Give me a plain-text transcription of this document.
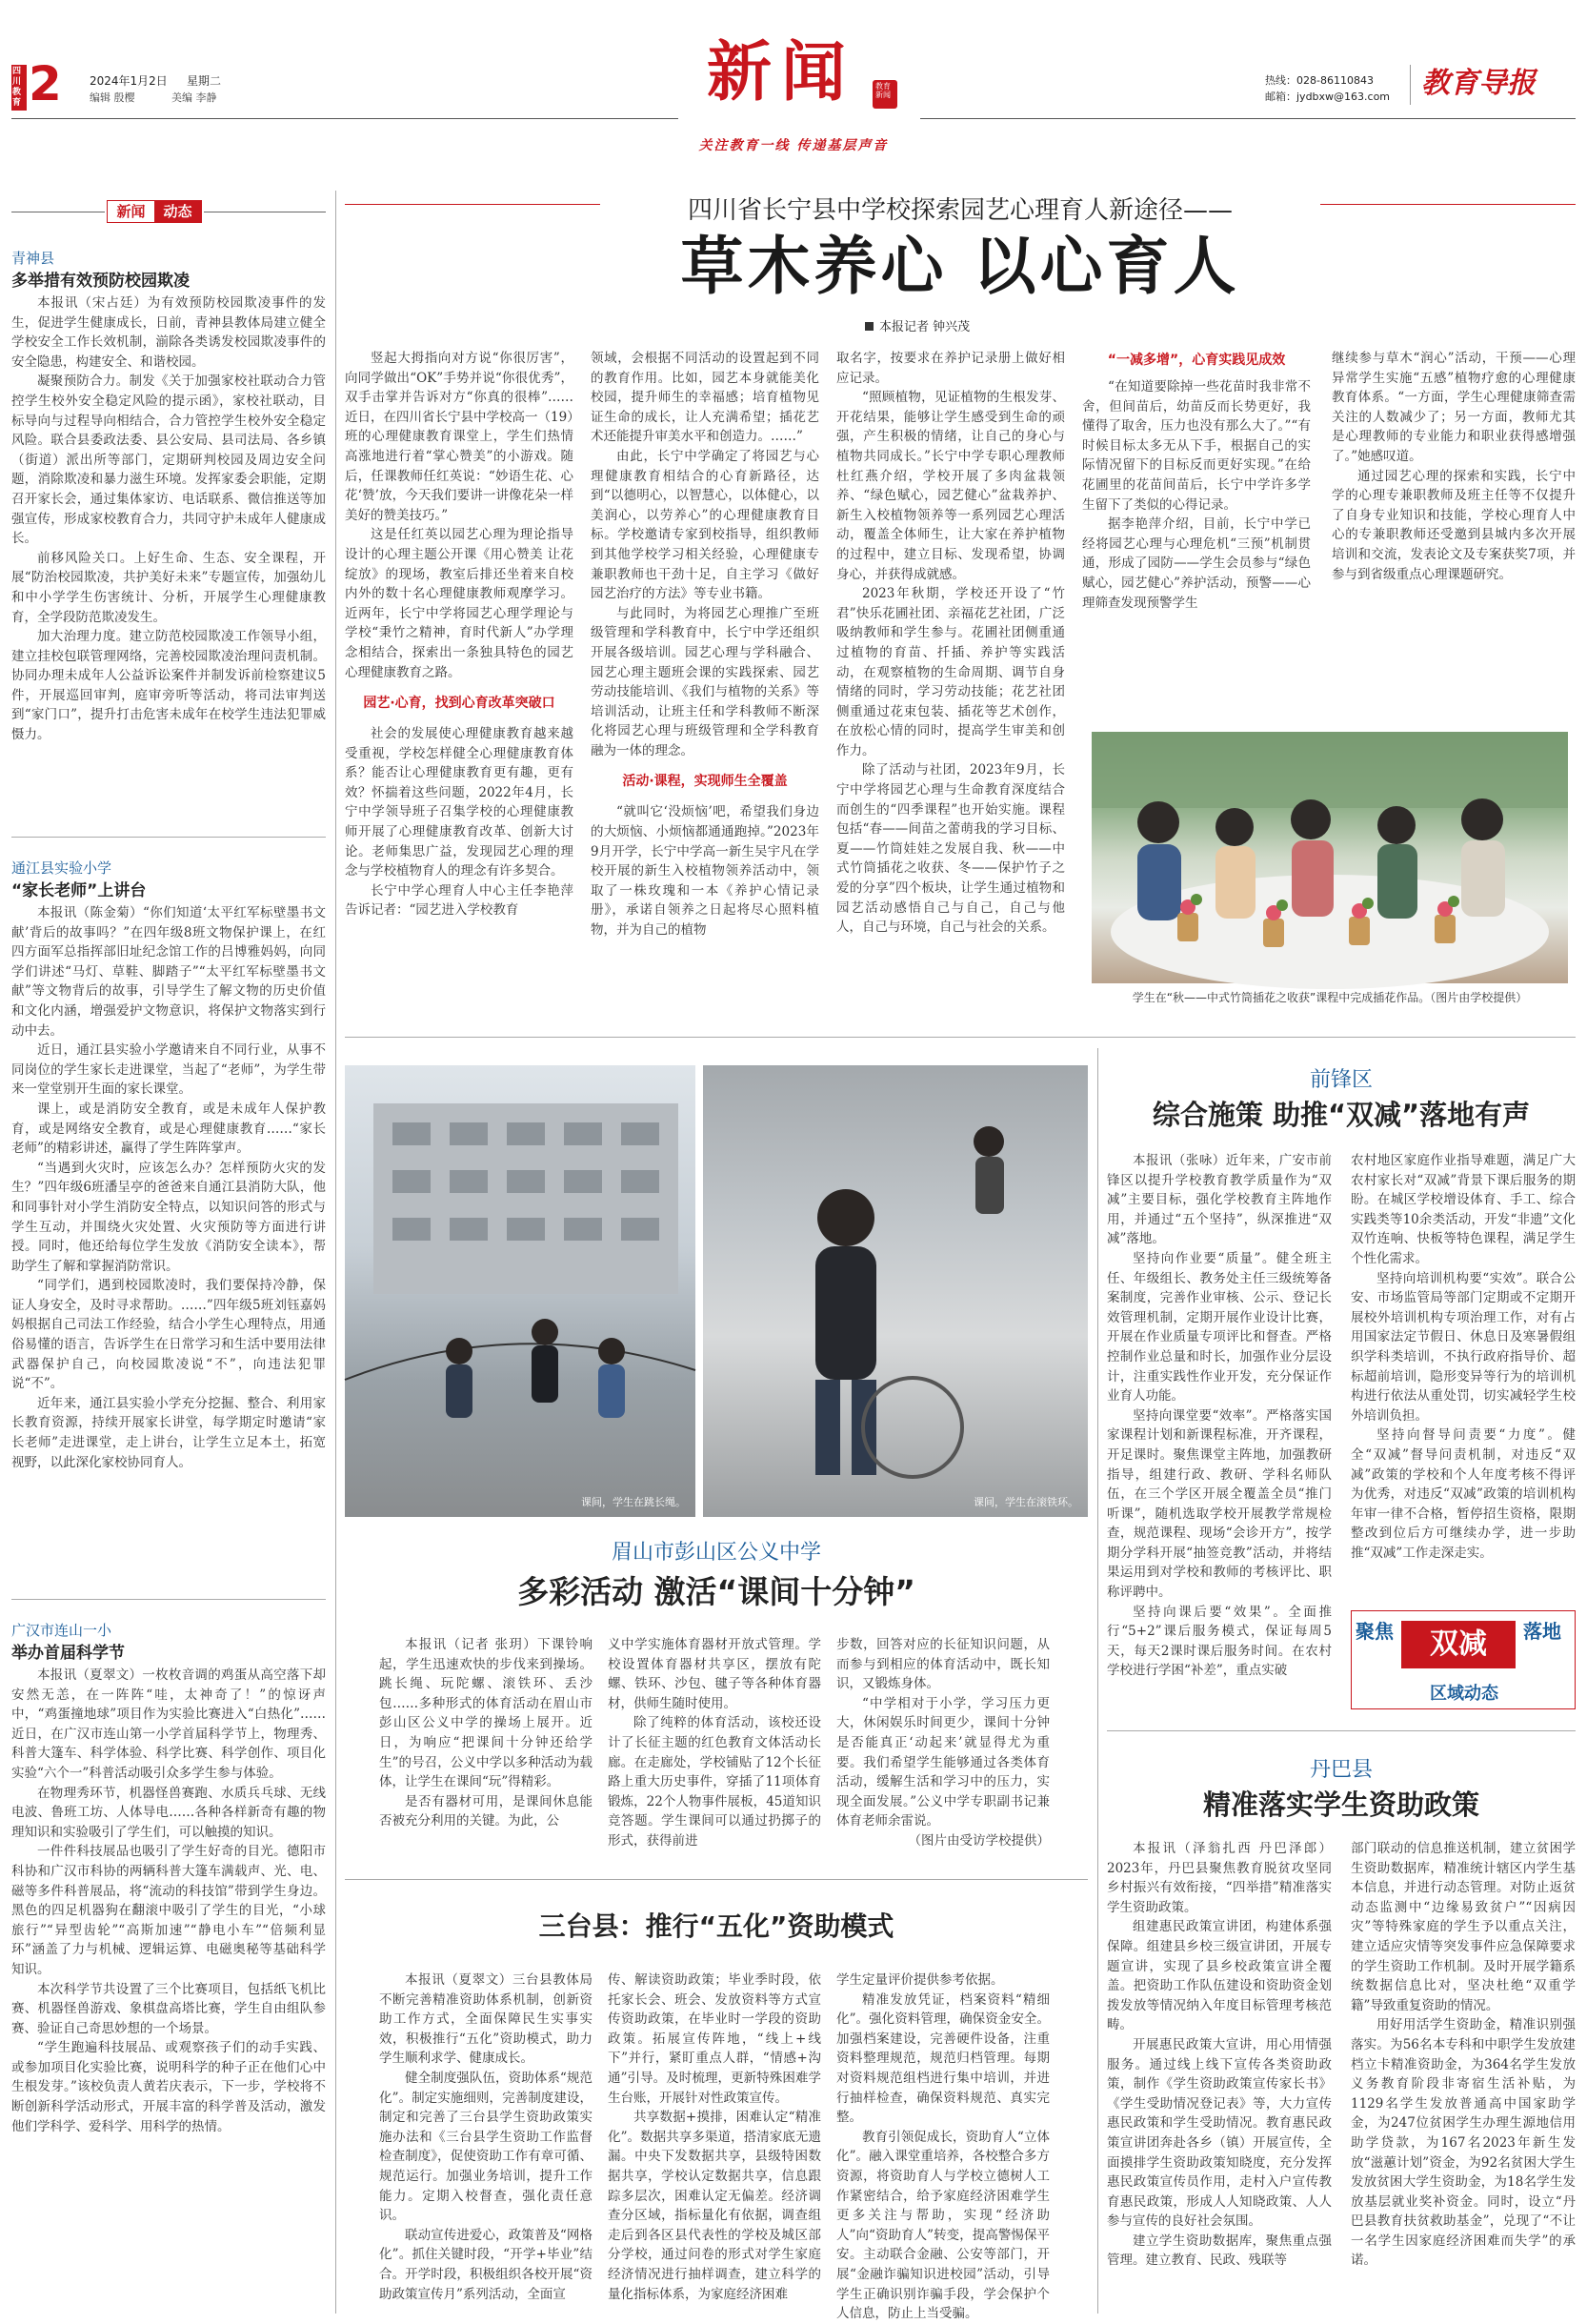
四川教育 2 2024年1月2日 星期二
编辑 殷樱	美编 李静	新闻	教育新闻
关注教育一线 传递基层声音
热线：028-86110843
邮箱：jydbxw@163.com 教育导报
新闻	动态
青神县
多举措有效预防校园欺凌
本报讯（宋占廷）为有效预防校园欺凌事件的发生，促进学生健康成长，日前，青神县教体局建立健全学校安全工作长效机制，湔除各类诱发校园欺凌事件的安全隐患，构建安全、和谐校园。
凝聚预防合力。制发《关于加强家校社联动合力管控学生校外安全稳定风险的提示函》，家校社联动，目标导向与过程导向相结合，合力管控学生校外安全稳定风险。联合县委政法委、县公安局、县司法局、各乡镇（街道）派出所等部门，定期研判校园及周边安全问题，消除欺凌和暴力滋生环境。发挥家委会职能，定期召开家长会，通过集体家访、电话联系、微信推送等加强宣传，形成家校教育合力，共同守护未成年人健康成长。
前移风险关口。上好生命、生态、安全课程，开展“防治校园欺凌，共护美好未来”专题宣传，加强幼儿和中小学学生伤害统计、分析，开展学生心理健康教育，全学段防范欺凌发生。
加大治理力度。建立防范校园欺凌工作领导小组，建立挂校包联管理网络，完善校园欺凌治理问责机制。协同办理未成年人公益诉讼案件并制发诉前检察建议5件，开展巡回审判，庭审旁听等活动，将司法审判送到“家门口”，提升打击危害未成年在校学生违法犯罪威慑力。
通江县实验小学
“家长老师”上讲台
本报讯（陈金菊）“你们知道‘太平红军标壁墨书文献’背后的故事吗？”在四年级8班文物保护课上，在红四方面军总指挥部旧址纪念馆工作的吕博雅妈妈，向同学们讲述“马灯、草鞋、脚踏子”“太平红军标壁墨书文献”等文物背后的故事，引导学生了解文物的历史价值和文化内涵，增强爱护文物意识，将保护文物落实到行动中去。
近日，通江县实验小学邀请来自不同行业，从事不同岗位的学生家长走进课堂，当起了“老师”，为学生带来一堂堂别开生面的家长课堂。
课上，或是消防安全教育，或是未成年人保护教育，或是网络安全教育，或是心理健康教育……“家长老师”的精彩讲述，赢得了学生阵阵掌声。
“当遇到火灾时，应该怎么办？怎样预防火灾的发生？”四年级6班潘呈亭的爸爸来自通江县消防大队，他和同事针对小学生消防安全特点，以知识问答的形式与学生互动，并围绕火灾处置、火灾预防等方面进行讲授。同时，他还给每位学生发放《消防安全读本》，帮助学生了解和掌握消防常识。
“同学们，遇到校园欺凌时，我们要保持冷静，保证人身安全，及时寻求帮助。……”四年级5班刘钰嘉妈妈根据自己司法工作经验，结合小学生心理特点，用通俗易懂的语言，告诉学生在日常学习和生活中要用法律武器保护自己，向校园欺凌说“不”，向违法犯罪说“不”。
近年来，通江县实验小学充分挖掘、整合、利用家长教育资源，持续开展家长讲堂，每学期定时邀请“家长老师”走进课堂，走上讲台，让学生立足本土，拓宽视野，以此深化家校协同育人。
广汉市连山一小
举办首届科学节
本报讯（夏翠文）一枚枚音调的鸡蛋从高空落下却安然无恙，在一阵阵“哇，太神奇了！”的惊讶声中，“鸡蛋撞地球”项目作为实验比赛进入“白热化”……近日，在广汉市连山第一小学首届科学节上，物理秀、科普大篷车、科学体验、科学比赛、科学创作、项目化实验“六个一”科普活动吸引众多学生参与体验。
在物理秀环节，机器怪兽赛跑、水质兵乓球、无线电波、鲁班工坊、人体导电……各种各样新奇有趣的物理知识和实验吸引了学生们，可以触摸的知识。
一件件科技展品也吸引了学生好奇的目光。德阳市科协和广汉市科协的两辆科普大篷车满载声、光、电、磁等多件科普展品，将“流动的科技馆”带到学生身边。黑色的四足机器狗在翻滚中吸引了学生的目光，“小球旅行”“异型齿轮”“高斯加速”“静电小车”“倍频利显环”涵盖了力与机械、逻辑运算、电磁奥秘等基础科学知识。
本次科学节共设置了三个比赛项目，包括纸飞机比赛、机器怪兽游戏、象棋盘高塔比赛，学生自由组队参赛、验证自己奇思妙想的一个场景。
“学生跑遍科技展品、或观察孩子们的动手实践、或参加项目化实验比赛，说明科学的种子正在他们心中生根发芽。”该校负责人黄若庆表示，下一步，学校将不断创新科学活动形式，开展丰富的科学普及活动，激发他们学科学、爱科学、用科学的热情。
四川省长宁县中学校探索园艺心理育人新途径——
草木养心 以心育人
本报记者 钟兴茂
竖起大拇指向对方说“你很厉害”，向同学做出“OK”手势并说“你很优秀”，双手击掌并告诉对方“你真的很棒”……近日，在四川省长宁县中学校高一（19）班的心理健康教育课堂上，学生们热情高涨地进行着“掌心赞美”的小游戏。随后，任课教师任红英说：“妙语生花、心花‘赞’放，今天我们要讲一讲像花朵一样美好的赞美技巧。”
这是任红英以园艺心理为理论指导设计的心理主题公开课《用心赞美 让花绽放》的现场，教室后排还坐着来自校内外的数十名心理健康教师观摩学习。近两年，长宁中学将园艺心理学理论与学校“秉竹之精神，育时代新人”办学理念相结合，探索出一条独具特色的园艺心理健康教育之路。
园艺·心育，找到心育改革突破口
社会的发展使心理健康教育越来越受重视，学校怎样健全心理健康教育体系？能否让心理健康教育更有趣，更有效？怀揣着这些问题，2022年4月，长宁中学领导班子召集学校的心理健康教师开展了心理健康教育改革、创新大讨论。老师集思广益，发现园艺心理的理念与学校植物育人的理念有许多契合。
长宁中学心理育人中心主任李艳萍告诉记者：“园艺进入学校教育
领域，会根据不同活动的设置起到不同的教育作用。比如，园艺本身就能美化校园，提升师生的幸福感；培育植物见证生命的成长，让人充满希望；插花艺术还能提升审美水平和创造力。……”
由此，长宁中学确定了将园艺与心理健康教育相结合的心育新路径，达到“以德明心，以智慧心，以体健心，以美润心，以劳养心”的心理健康教育目标。学校邀请专家到校指导，组织教师到其他学校学习相关经验，心理健康专兼职教师也干劲十足，自主学习《做好园艺治疗的方法》等专业书籍。
与此同时，为将园艺心理推广至班级管理和学科教育中，长宁中学还组织开展各级培训。园艺心理与学科融合、园艺心理主题班会课的实践探索、园艺劳动技能培训、《我们与植物的关系》等培训活动，让班主任和学科教师不断深化将园艺心理与班级管理和全学科教育融为一体的理念。
活动·课程，实现师生全覆盖
“就叫它‘没烦恼’吧，希望我们身边的大烦恼、小烦恼都通通跑掉。”2023年9月开学，长宁中学高一新生吴宇凡在学校开展的新生入校植物领养活动中，领取了一株玫瑰和一本《养护心情记录册》，承诺自领养之日起将尽心照料植物，并为自己的植物
取名字，按要求在养护记录册上做好相应记录。
“照顾植物，见证植物的生根发芽、开花结果，能够让学生感受到生命的顽强，产生积极的情绪，让自己的身心与植物共同成长。”长宁中学专职心理教师杜红燕介绍，学校开展了多肉盆栽领养、“绿色赋心，园艺健心”盆栽养护、新生入校植物领养等一系列园艺心理活动，覆盖全体师生，让大家在养护植物的过程中，建立目标、发现希望，协调身心，并获得成就感。
2023年秋期，学校还开设了“竹君”快乐花圃社团、亲福花艺社团，广泛吸纳教师和学生参与。花圃社团侧重通过植物的育苗、扦插、养护等实践活动，在观察植物的生命周期、调节自身情绪的同时，学习劳动技能；花艺社团侧重通过花束包装、插花等艺术创作，在放松心情的同时，提高学生审美和创作力。
除了活动与社团，2023年9月，长宁中学将园艺心理与生命教育深度结合而创生的“四季课程”也开始实施。课程包括“春——间苗之蕾萌我的学习目标、夏——竹筒娃娃之发展自我、秋——中式竹筒插花之收获、冬——保护竹子之爱的分享”四个板块，让学生通过植物和园艺活动感悟自己与自己，自己与他人，自己与环境，自己与社会的关系。
“一减多增”，心育实践见成效
“在知道要除掉一些花苗时我非常不舍，但间苗后，幼苗反而长势更好，我懂得了取舍，压力也没有那么大了。”“有时候目标太多无从下手，根据自己的实际情况留下的目标反而更好实现。”在给花圃里的花苗间苗后，长宁中学许多学生留下了类似的心得记录。
据李艳萍介绍，目前，长宁中学已经将园艺心理与心理危机“三预”机制贯通，形成了园防——学生会员参与“绿色赋心，园艺健心”养护活动，预警——心理筛查发现预警学生
继续参与草木“润心”活动，干预——心理异常学生实施“五感”植物疗愈的心理健康教育体系。“一方面，学生心理健康筛查需关注的人数减少了；另一方面，教师尤其是心理教师的专业能力和职业获得感增强了。”她感叹道。
通过园艺心理的探索和实践，长宁中学的心理专兼职教师及班主任等不仅提升了自身专业知识和技能，学校心理育人中心的专兼职教师还受邀到县城内多次开展培训和交流，发表论文及专案获奖7项，并参与到省级重点心理课题研究。
学生在“秋——中式竹筒插花之收获”课程中完成插花作品。（图片由学校提供）
课间，学生在跳长绳。	课间，学生在滚铁环。
眉山市彭山区公义中学
多彩活动 激活“课间十分钟”
本报讯（记者 张玥）下课铃响起，学生迅速欢快的步伐来到操场。跳长绳、玩陀螺、滚铁环、丢沙包……多种形式的体育活动在眉山市彭山区公义中学的操场上展开。近日，为响应“把课间十分钟还给学生”的号召，公义中学以多种活动为载体，让学生在课间“玩”得精彩。
是否有器材可用，是课间休息能否被充分利用的关键。为此，公
义中学实施体育器材开放式管理。学校设置体育器材共享区，摆放有陀螺、铁环、沙包、毽子等各种体育器材，供师生随时使用。
除了纯粹的体育活动，该校还设计了长征主题的红色教育文体活动长廊。在走廊处，学校铺贴了12个长征路上重大历史事件，穿插了11项体育锻炼，22个人物事件展板，45道知识竞答题。学生课间可以通过扔掷子的形式，获得前进
步数，回答对应的长征知识问题，从而参与到相应的体育活动中，既长知识，又锻炼身体。
“中学相对于小学，学习压力更大，休闲娱乐时间更少，课间十分钟是否能真正‘动起来’就显得尤为重要。我们希望学生能够通过各类体育活动，缓解生活和学习中的压力，实现全面发展。”公义中学专职副书记兼体育老师余雷说。
（图片由受访学校提供）
三台县：推行“五化”资助模式
本报讯（夏翠文）三台县教体局不断完善精准资助体系机制，创新资助工作方式，全面保障民生实事实效，积极推行“五化”资助模式，助力学生顺利求学、健康成长。
健全制度强队伍，资助体系“规范化”。制定实施细则，完善制度建设，制定和完善了三台县学生资助政策实施办法和《三台县学生资助工作监督检查制度》，促使资助工作有章可循、规范运行。加强业务培训，提升工作能力。定期入校督查，强化责任意识。
联动宣传进爱心，政策普及“网格化”。抓住关键时段，“开学+毕业”结合。开学时段，积极组织各校开展“资助政策宣传月”系列活动，全面宣
传、解读资助政策；毕业季时段，依托家长会、班会、发放资料等方式宣传资助政策，在毕业时一学段的资助政策。拓展宣传阵地，“线上+线下”并行，紧盯重点人群，“情感+沟通”引导。及时梳理，更新特殊困难学生台账，开展针对性政策宣传。
共享数据+摸排，困难认定“精准化”。数据共享多渠道，搭清家底无遗漏。中央下发数据共享，县级特困数据共享，学校认定数据共享，信息跟踪多层次，困难认定无偏差。经济调查分区域，指标量化有依据，调查组走后到各区县代表性的学校及城区部分学校，通过问卷的形式对学生家庭经济情况进行抽样调查，建立科学的量化指标体系，为家庭经济困难
学生定量评价提供参考依据。
精准发放凭证，档案资料“精细化”。强化资料管理，确保资金安全。加强档案建设，完善硬件设备，注重资料整理规范，规范归档管理。每期对资料规范组档进行集中培训，并进行抽样检查，确保资料规范、真实完整。
教育引领促成长，资助育人“立体化”。融入课堂重培养，各校整合多方资源，将资助育人与学校立德树人工作紧密结合，给予家庭经济困难学生更多关注与帮助，实现“经济助人”向“资助育人”转变，提高警惕保平安。主动联合金融、公安等部门，开展“金融诈骗知识进校园”活动，引导学生正确识别诈骗手段，学会保护个人信息，防止上当受骗。
前锋区
综合施策 助推“双减”落地有声
本报讯（张咏）近年来，广安市前锋区以提升学校教育教学质量作为“双减”主要目标，强化学校教育主阵地作用，并通过“五个坚持”，纵深推进“双减”落地。
坚持向作业要“质量”。健全班主任、年级组长、教务处主任三级统筹备案制度，完善作业审核、公示、登记长效管理机制，定期开展作业设计比赛，开展在作业质量专项评比和督查。严格控制作业总量和时长，加强作业分层设计，注重实践性作业开发，充分保证作业育人功能。
坚持向课堂要“效率”。严格落实国家课程计划和新课程标准，开齐课程，开足课时。聚焦课堂主阵地，加强教研指导，组建行政、教研、学科名师队伍，在三个学区开展全覆盖全员“推门听课”，随机选取学校开展教学常规检查，规范课程、现场“会诊开方”，按学期分学科开展“抽签竞教”活动，并将结果运用到对学校和教师的考核评比、职称评聘中。
坚持向课后要“效果”。全面推行“5+2”课后服务模式，保证每周5天，每天2课时课后服务时间。在农村学校进行学困“补差”，重点实破
农村地区家庭作业指导难题，满足广大农村家长对“双减”背景下课后服务的期盼。在城区学校增设体育、手工、综合实践类等10余类活动，开发“非遗”文化双竹连响、快板等特色课程，满足学生个性化需求。
坚持向培训机构要“实效”。联合公安、市场监管局等部门定期或不定期开展校外培训机构专项治理工作，对有占用国家法定节假日、休息日及寒暑假组织学科类培训，不执行政府指导价、超标超前培训，隐形变异等行为的培训机构进行依法从重处罚，切实减轻学生校外培训负担。
坚持向督导问责要“力度”。健全“双减”督导问责机制，对违反“双减”政策的学校和个人年度考核不得评为优秀，对违反“双减”政策的培训机构年审一律不合格，暂停招生资格，限期整改到位后方可继续办学，进一步助推“双减”工作走深走实。
聚焦	双减	落地
区域动态
丹巴县
精准落实学生资助政策
本报讯（泽翁扎西 丹巴泽郎）2023年，丹巴县聚焦教育脱贫攻坚同乡村振兴有效衔接，“四举措”精准落实学生资助政策。
组建惠民政策宣讲团，构建体系强保障。组建县乡校三级宣讲团，开展专题宣讲，实现了县乡校政策宣讲全覆盖。把资助工作队伍建设和资助资金划拨发放等情况纳入年度目标管理考核范畴。
开展惠民政策大宣讲，用心用情强服务。通过线上线下宣传各类资助政策，制作《学生资助政策宣传家长书》《学生受助情况登记表》等，大力宣传惠民政策和学生受助情况。教育惠民政策宣讲团奔赴各乡（镇）开展宣传，全面摸排学生资助政策知晓度，充分发挥惠民政策宣传员作用，走村入户宣传教育惠民政策，形成人人知晓政策、人人参与宣传的良好社会氛围。
建立学生资助数据库，聚焦重点强管理。建立教育、民政、残联等
部门联动的信息推送机制，建立贫困学生资助数据库，精准统计辖区内学生基本信息，并进行动态管理。对防止返贫动态监测中“边缘易致贫户”“因病因灾”等特殊家庭的学生予以重点关注，建立适应灾情等突发事件应急保障要求的学生资助工作机制。及时开展学籍系统数据信息比对，坚决杜绝“双重学籍”导致重复资助的情况。
用好用活学生资助金，精准识别强落实。为56名本专科和中职学生发放建档立卡精准资助金，为364名学生发放义务教育阶段非寄宿生活补贴，为1129名学生发放普通高中国家助学金，为247位贫困学生办理生源地信用助学贷款，为167名2023年新生发放“滋蕙计划”资金，为92名贫困大学生发放贫困大学生资助金，为18名学生发放基层就业奖补资金。同时，设立“丹巴县教育扶贫救助基金”，兑现了“不让一名学生因家庭经济困难而失学”的承诺。
